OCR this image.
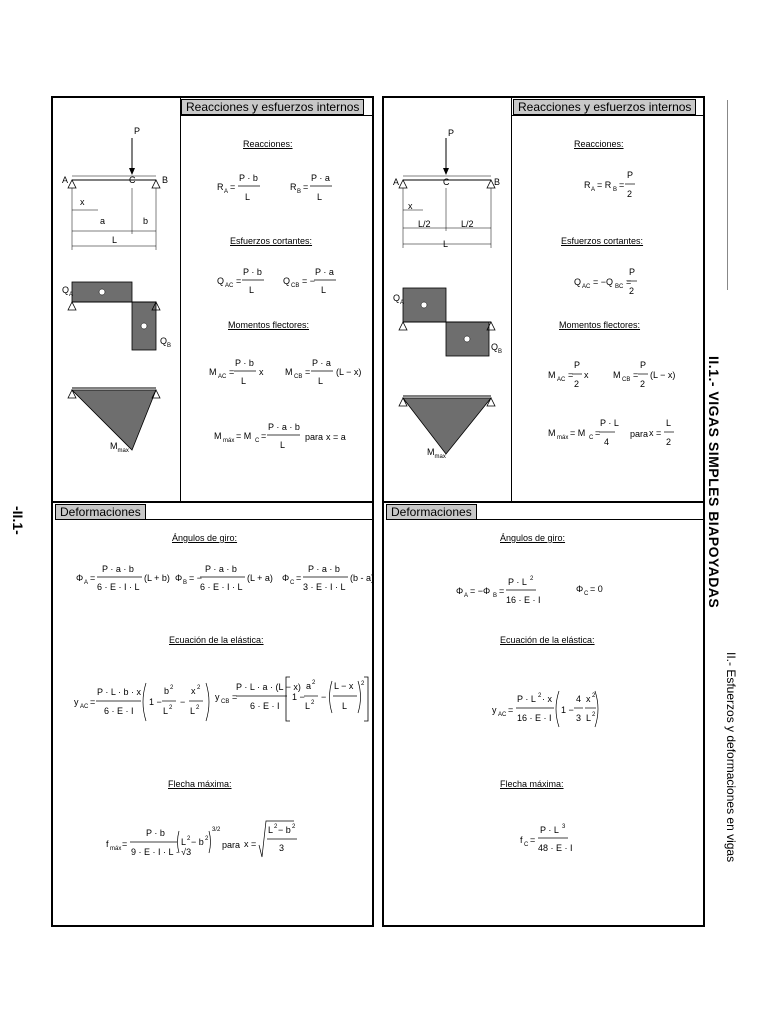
Reacciones y esfuerzos internos
Deformaciones
P
A	C	B
x
a	b
L
$Q_A$
$Q_B$
$M_{max}$
Reacciones:
Esfuerzos cortantes:
Momentos flectores:
Ángulos de giro:
Ecuación de la elástica:
Flecha máxima:
R A =
P · b
L
R B =
P · a
L
Q AC =
P · b
L
Q CB = −
P · a
L
M AC =
P · b
L
x M CB =
P · a
L
(L − x)
M máx = M C =
P · a · b
L
para x = a
Φ A =
P · a · b
6 · E · I · L
(L + b) Φ B = −
P · a · b
6 · E · I · L
(L + a) Φ C =
P · a · b
3 · E · I · L
(b - a)
y AC =
P · L · b · x
6 · E · I
1 −
b 2
L 2
−
x 2
L 2
y CB =
P · L · a · (L − x)
6 · E · I
1 −
a 2
L 2
−
L − x
L
2
f máx =
P · b
9 · E · I · L · √3
L 2 − b 2
3/2
x =
L 2 − b 2
3
para
Reacciones y esfuerzos internos
Deformaciones
P
A	C	B
x
L/2	L/2
L
$Q_A$
$Q_B$
$M_{max}$
Reacciones:
Esfuerzos cortantes:
Momentos flectores:
Ángulos de giro:
Ecuación de la elástica:
Flecha máxima:
R A = R B =
P
2
Q AC = −Q BC =
P
2
M AC =
P
2
x	M CB =
P
2
(L − x)
M máx = M C =
P · L
4
para x =
L
2
Φ A = −Φ B =
P · L 2
16 · E · I
Φ C = 0
y AC =
P · L 2 · x
16 · E · I
1 −
4
3
x 2
L 2
f C =
P · L 3
48 · E · I
-II.1-	II.1.- VIGAS SIMPLES BIAPOYADAS
II.- Esfuerzos y deformaciones en vigas
